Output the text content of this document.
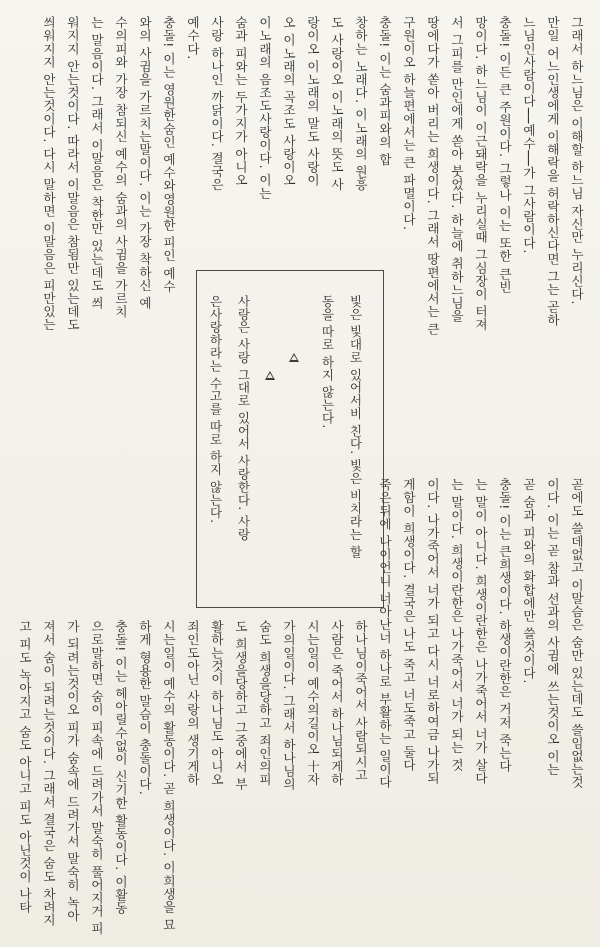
그래서 하느님은 이해할 하느님 자신만 누리신다.
만일 어느인생에게 이해락을 허락하신다면 그는 곧하
느님인사람이다──예수──가 그사람이다.
충돌! 이든 큰 주원이다. 그렇나 이는 또한 큰빈
망이다. 하느님이 이근돼락을 누리실때 그심장이 터져
서 그피를 만인에게 쏟아 붓었다. 하늘에 취하느님을
땅에다가 쏟아 버리는 희생이다. 그래서 땅편에서는 큰
구원이오 하늘편에서는 큰 파멸이다.
충돌! 이는 숨과피와의 합
창하는 노래다. 이노래의 원흥
도 사랑이오 이노래의 뜻도 사
랑이오 이노래의 말도 사랑이
오 이노래의 곡조도 사랑이오
이노래의 음조도사랑이다. 이는
숨과 피와는 두가지가 아니오
사랑 하나인 까닭이다. 결국은
예수다.
충돌! 이는 영원한숨인 예수와영원한 피인 예수
와의 사귐을 가르치는말이다. 이는 가장 착하신 예
수의피와 가장 참되신 예수의 숨과의 사귐을 가르치
는 말음이다. 그래서 이말음은 착한만 있는데도 씌
워지지 안는것이다. 따라서 이말음은 참됨만 있는데도
씌워지지 안는것이다. 다시 말하면 이말음은 피만있는
빛은 빛대로 있어서비 친다. 빛은 비치라는 할
동을 따로 하지 않는다.
사랑은 사랑 그대로 있어서 사랑한다. 사랑
은사랑하라는 수고를 따로 하지 않는다.
곧에도 쓸데없고 이말슴은 숨만 있는데도 쓸임없는것
이다. 이는 곧 참과 선과의 사귐에 쓰는것이오 이는
곧 숨과 피와의 화합에만 쓸것이다.
충돌! 이는 큰희생이다. 하생이란한은 거저 죽는다
는 말이 아니다. 희생이란한은 나가죽어서 너가 살다
는 말이다. 희생이란한은 나가죽어서 너가 되는 것
이다. 나가죽어서 너가 되고 다시 너로하여금 나가되
게함이 희생이다. 결국은 나도 죽고 너도죽고 둘다
죽은뒤에 나이언니 너아난너 하나로 부활하는 일이다
하나님이죽어서 사람되시고
사람은 죽어서 하나님되게하
시는일이 예수의길이오 十자
가의일이다. 그래서 하나님의
숨도 희생을당하고 죄인의피
도 희생을당하고 그중에서 부
활하는것이 하나님도 아니오
죄인도아닌 사랑의 생기게하
시는일이 예수의 활동이다. 곧 희생이다. 이희생을 묘
하게 형용한 말슴이 충돌이다.
충돌! 이는 헤아릴수없이 신기한 활동이다. 이활동
으로말하면 숨이 피속에 드려가서 말숙히 풀어지거 피
가 되려는것이오 피가 숨속에 드려가서 말숙히 녹아
져서 숨이 되려는것이다. 그래서 결국은 숨도 차려지
고 피도 녹아지고 숨도 아니고 피도 아닌것이 나타
